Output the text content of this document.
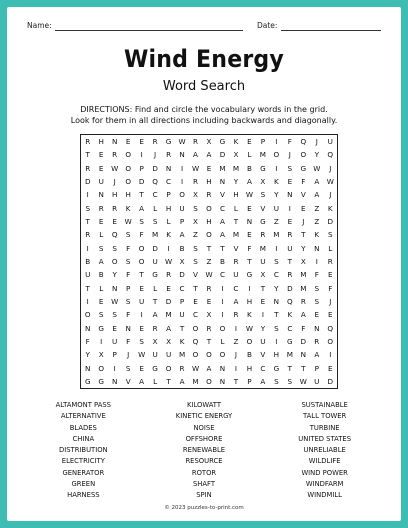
Name:	Date:
Wind Energy
Word Search
DIRECTIONS: Find and circle the vocabulary words in the grid.
Look for them in all directions including backwards and diagonally.
R	H	N	E	E	R	G W	R	X	G	K	E	P	I	F	Q	J	U
T	E	R	O	I	J	R	N	A	A	D	X	L	M	O	J	O	Y	Q
R	E	W O	P	D	N	I	W	E	M	M	B	G	I	S	G W	J
D	U	J	O	D	Q	C	I	R	H	N	Y	A	X	K	E	F	A	W
I	N	H	H	T	C	P	O	X	R	V	H	W	S	Y	N	V	A	J
S	R	R	K	A	L	H	U	S	O	C	L	E	V	U	I	E	Z	K
T	E	E	W	S	S	L	P	X	H	A	T	N	G	Z	E	J	Z	D
R	L	Q	S	F	M	K	A	Z	O	A	M	E	R	M	R	T	K	S
I	S	S	F	O	D	I	B	S	T	T	V	F	M	I	U	Y	N	L
B	A	O	S	O	U	W	X	S	Z	B	R	T	U	S	T	X	I	R
U	B	Y	F	T	G	R	D	V	W	C	U	G	X	C	R	M	F	E
T	L	N	P	E	L	E	C	T	R	I	C	I	T	Y	D	M	S	F
I	E	W	S	U	T	D	P	E	E	I	A	H	E	N	Q	R	S	J
O	S	S	F	I	A	M	U	C	X	I	R	K	I	T	K	A	E	E
N	G	E	N	E	R	A	T	O	R	O	I	W	Y	S	C	F	N	Q
F	I	U	F	S	X	X	K	Q	T	L	Z	O	U	I	G	D	R	O
Y	X	P	J	W	U	U	M	O	O	O	J	B	V	H	M	N	A	I
N	O	I	S	E	G	O	R	W	A	N	I	H	C	G	T	T	P	E
G	G	N	V	A	L	T	A	M	O	N	T	P	A	S	S	W	U	D
ALTAMONT PASS
ALTERNATIVE
BLADES
CHINA
DISTRIBUTION
ELECTRICITY
GENERATOR
GREEN
HARNESS
KILOWATT
KINETIC ENERGY
NOISE
OFFSHORE
RENEWABLE
RESOURCE
ROTOR
SHAFT
SPIN
SUSTAINABLE
TALL TOWER
TURBINE
UNITED STATES
UNRELIABLE
WILDLIFE
WIND POWER
WINDFARM
WINDMILL
© 2023 puzzles-to-print.com
